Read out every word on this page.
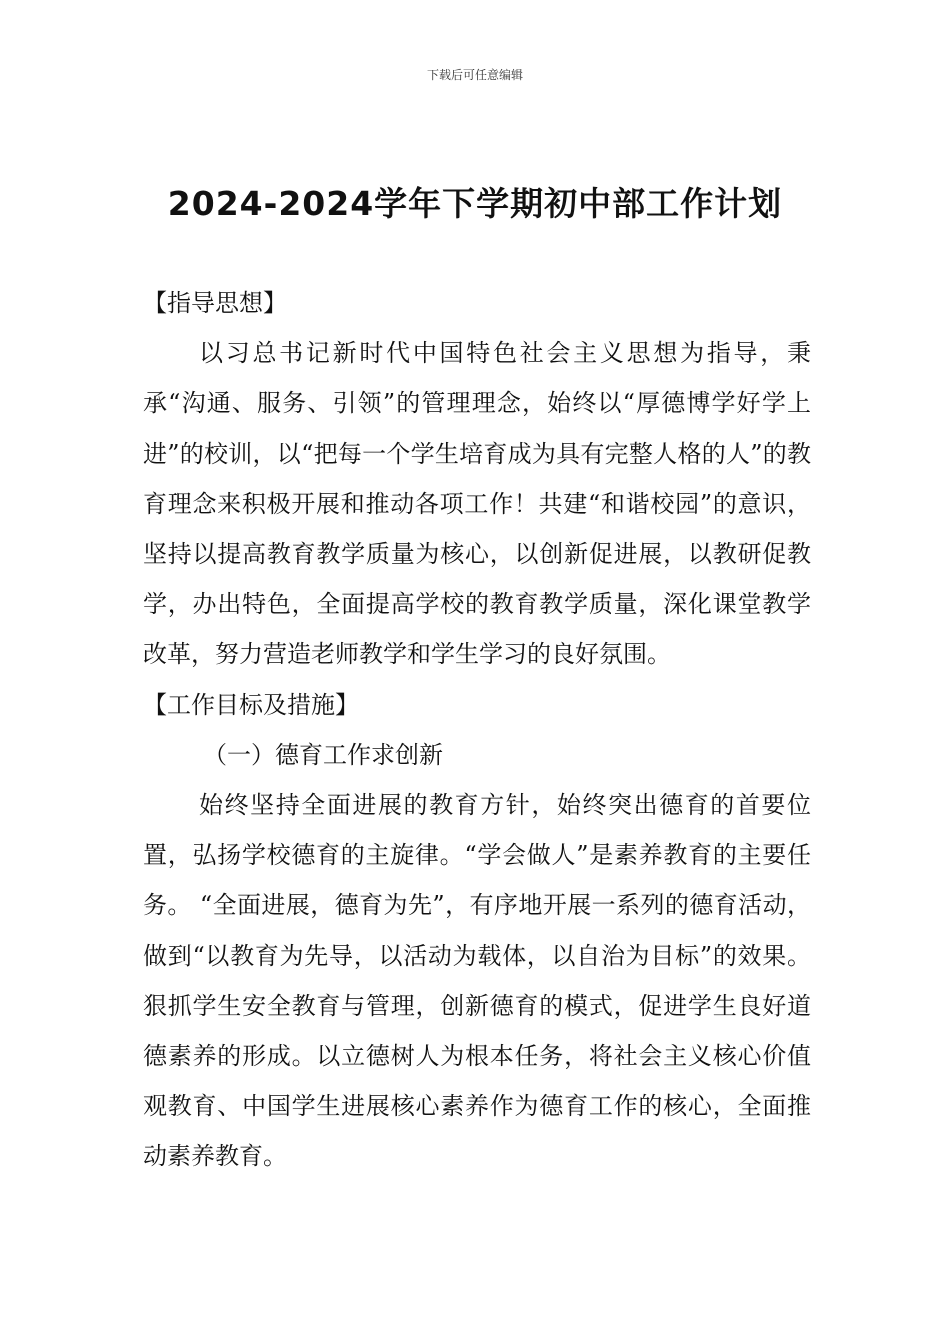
下载后可任意编辑
2024-2024学年下学期初中部工作计划

【指导思想】

以习总书记新时代中国特色社会主义思想为指导，秉承“沟通、服务、引领”的管理理念，始终以“厚德博学好学上进”的校训，以“把每一个学生培育成为具有完整人格的人”的教育理念来积极开展和推动各项工作！共建“和谐校园”的意识，坚持以提高教育教学质量为核心，以创新促进展，以教研促教学，办出特色，全面提高学校的教育教学质量，深化课堂教学改革，努力营造老师教学和学生学习的良好氛围。

【工作目标及措施】

（一）德育工作求创新

始终坚持全面进展的教育方针，始终突出德育的首要位置，弘扬学校德育的主旋律。“学会做人”是素养教育的主要任务。 “全面进展，德育为先”，有序地开展一系列的德育活动，做到“以教育为先导，以活动为载体，以自治为目标”的效果。狠抓学生安全教育与管理，创新德育的模式，促进学生良好道德素养的形成。以立德树人为根本任务，将社会主义核心价值观教育、中国学生进展核心素养作为德育工作的核心，全面推动素养教育。
